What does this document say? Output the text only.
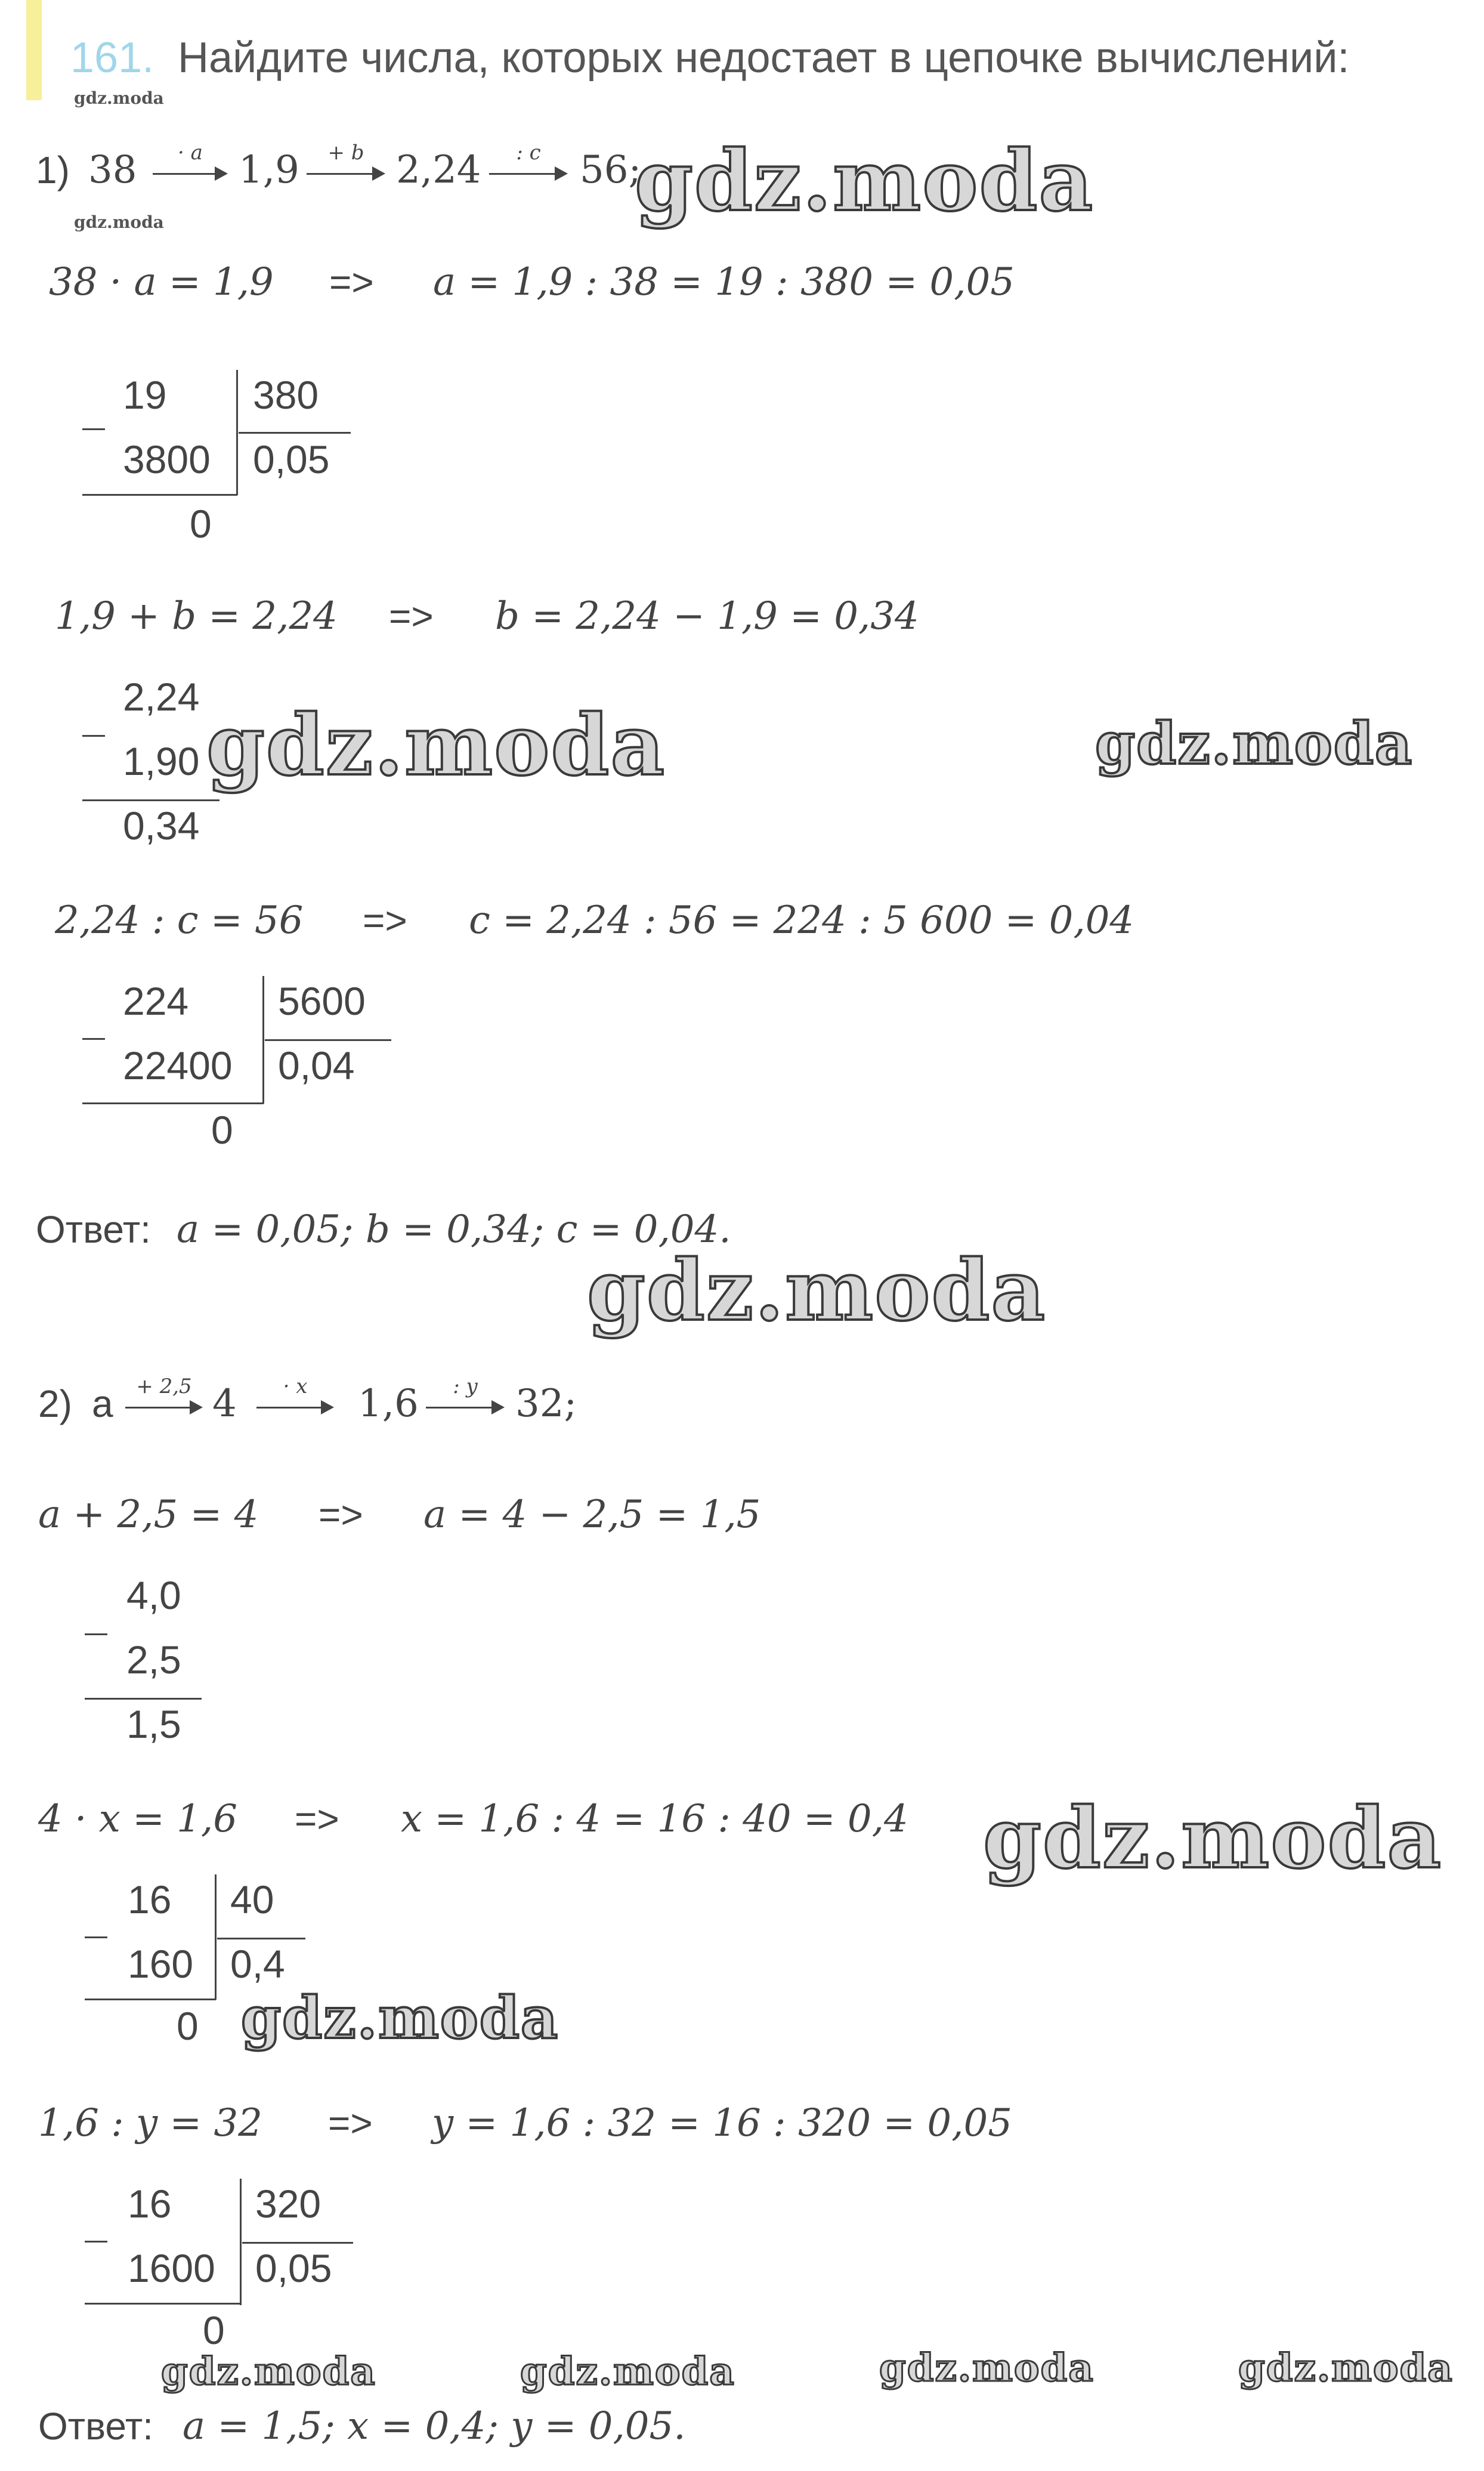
161. Найдите числа, которых недостает в цепочке вычислений:
gdz.moda
1) 38	· a 1,9	+ b 2,24	: c	56;
gdz.moda
gdz.moda
38 · a = 1,9 => a = 1,9 : 38 = 19 : 380 = 0,05
19 380
3800 0,05
0
1,9 + b = 2,24 => b = 2,24 − 1,9 = 0,34
2,24
1,90
0,34
gdz.moda	gdz.moda
2,24 : c = 56 => c = 2,24 : 56 = 224 : 5 600 = 0,04
224 5600
22400 0,04
0
Ответ: a = 0,05; b = 0,34; c = 0,04.
gdz.moda
2) a	+ 2,5 4	· x	1,6	: y 32;
a + 2,5 = 4 => a = 4 − 2,5 = 1,5
4,0
2,5
1,5
4 · x = 1,6 => x = 1,6 : 4 = 16 : 40 = 0,4 gdz.moda
16 40
160 0,4
0 gdz.moda
1,6 : y = 32 => y = 1,6 : 32 = 16 : 320 = 0,05
16 320
1600 0,05
0
gdz.moda	gdz.moda	gdz.moda	gdz.moda
Ответ: a = 1,5; x = 0,4; y = 0,05.
